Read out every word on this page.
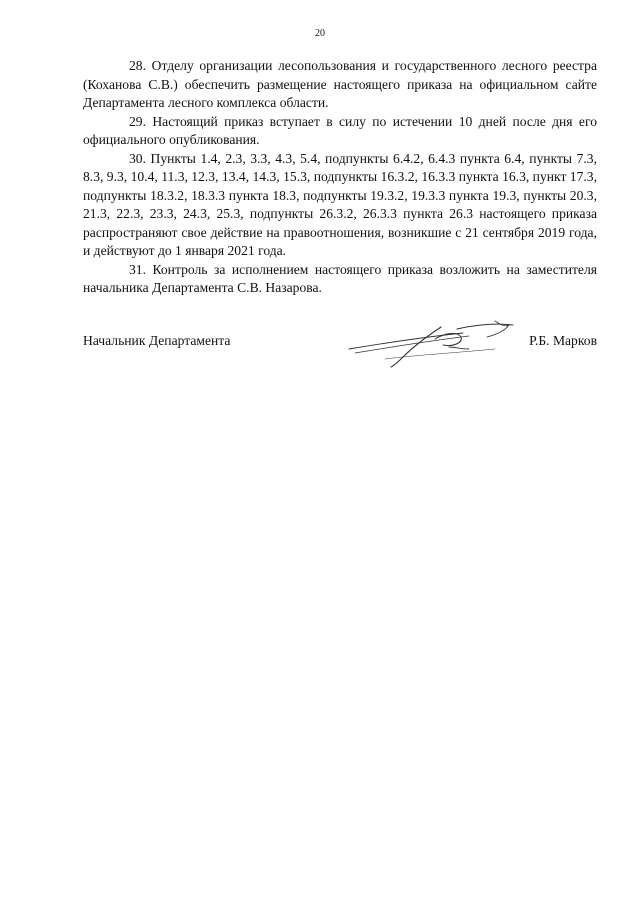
20

28. Отделу организации лесопользования и государственного лесного реестра (Коханова С.В.) обеспечить размещение настоящего приказа на официальном сайте Департамента лесного комплекса области.

29. Настоящий приказ вступает в силу по истечении 10 дней после дня его официального опубликования.

30. Пункты 1.4, 2.3, 3.3, 4.3, 5.4, подпункты 6.4.2, 6.4.3 пункта 6.4, пункты 7.3, 8.3, 9.3, 10.4, 11.3, 12.3, 13.4, 14.3, 15.3, подпункты 16.3.2, 16.3.3 пункта 16.3, пункт 17.3, подпункты 18.3.2, 18.3.3 пункта 18.3, подпункты 19.3.2, 19.3.3 пункта 19.3, пункты 20.3, 21.3, 22.3, 23.3, 24.3, 25.3, подпункты 26.3.2, 26.3.3 пункта 26.3 настоящего приказа распространяют свое действие на правоотношения, возникшие с 21 сентября 2019 года, и действуют до 1 января 2021 года.

31. Контроль за исполнением настоящего приказа возложить на заместителя начальника Департамента С.В. Назарова.

Начальник Департамента	Р.Б. Марков
